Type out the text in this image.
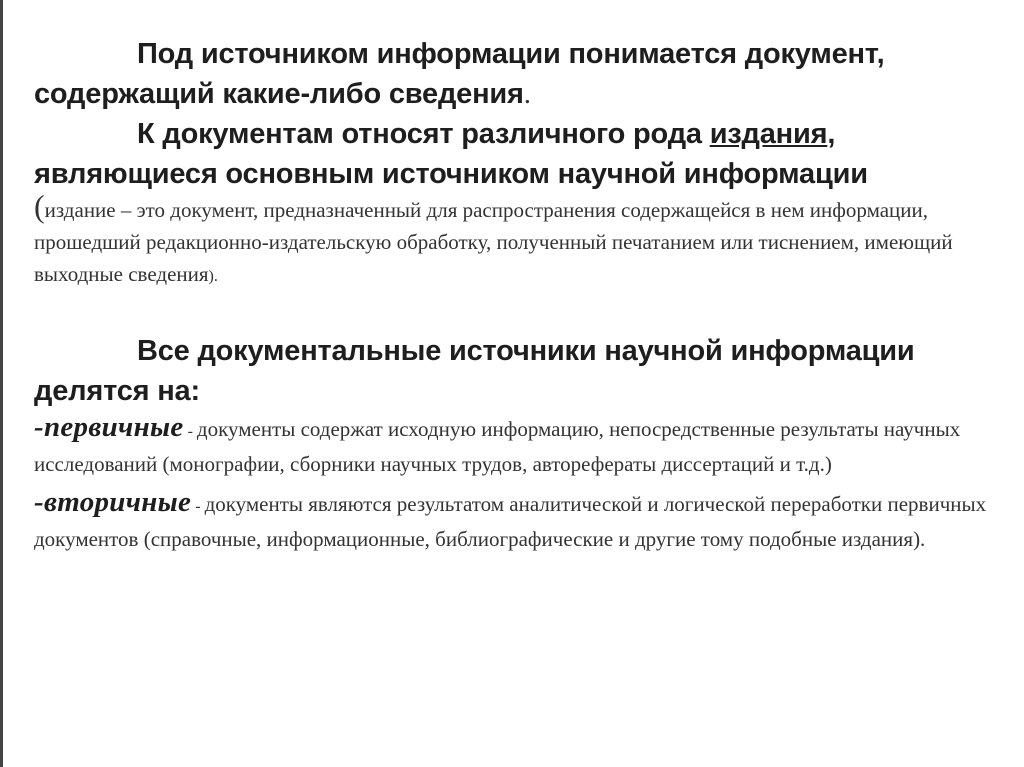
Под источником информации понимается документ,
содержащий какие-либо сведения.

К документам относят различного рода издания,
являющиеся основным источником научной информации

(издание – это документ, предназначенный для распространения содержащейся в нем информации, прошедший редакционно-издательскую обработку, полученный печатанием или тиснением, имеющий выходные сведения).

Все документальные источники научной информации
делятся на:

-первичные - документы содержат исходную информацию, непосредственные результаты научных исследований (монографии, сборники научных трудов, авторефераты диссертаций и т.д.)

-вторичные - документы являются результатом аналитической и логической переработки первичных документов (справочные, информационные, библиографические и другие тому подобные издания).
